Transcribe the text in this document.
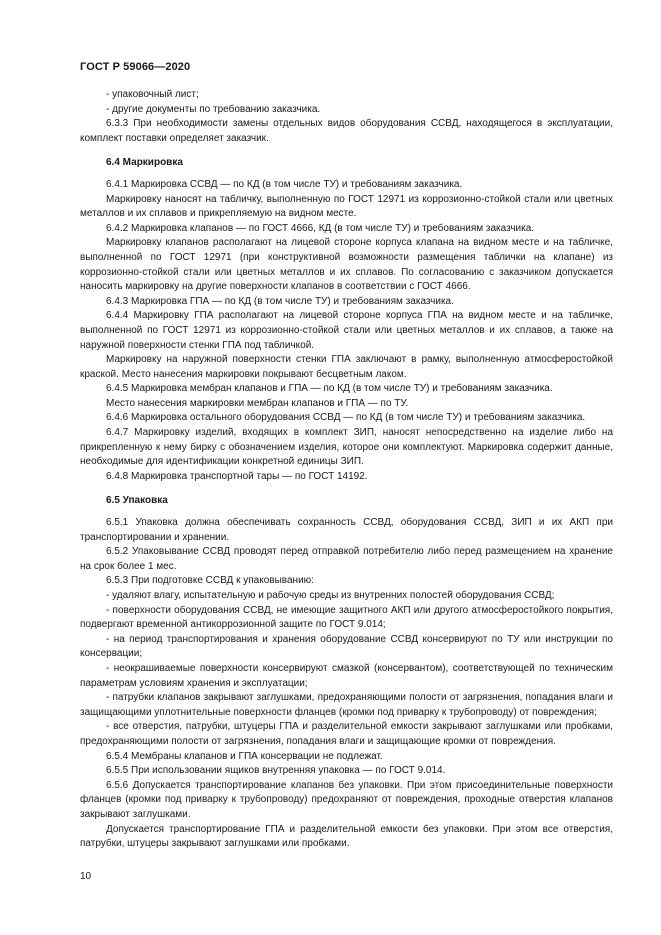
ГОСТ Р 59066—2020

- упаковочный лист;

- другие документы по требованию заказчика.

6.3.3 При необходимости замены отдельных видов оборудования ССВД, находящегося в эксплуатации, комплект поставки определяет заказчик.

6.4 Маркировка

6.4.1 Маркировка ССВД — по КД (в том числе ТУ) и требованиям заказчика.

Маркировку наносят на табличку, выполненную по ГОСТ 12971 из коррозионно-стойкой стали или цветных металлов и их сплавов и прикрепляемую на видном месте.

6.4.2 Маркировка клапанов — по ГОСТ 4666, КД (в том числе ТУ) и требованиям заказчика.

Маркировку клапанов располагают на лицевой стороне корпуса клапана на видном месте и на табличке, выполненной по ГОСТ 12971 (при конструктивной возможности размещения таблички на клапане) из коррозионно-стойкой стали или цветных металлов и их сплавов. По согласованию с заказчиком допускается наносить маркировку на другие поверхности клапанов в соответствии с ГОСТ 4666.

6.4.3 Маркировка ГПА — по КД (в том числе ТУ) и требованиям заказчика.

6.4.4 Маркировку ГПА располагают на лицевой стороне корпуса ГПА на видном месте и на табличке, выполненной по ГОСТ 12971 из коррозионно-стойкой стали или цветных металлов и их сплавов, а также на наружной поверхности стенки ГПА под табличкой.

Маркировку на наружной поверхности стенки ГПА заключают в рамку, выполненную атмосферостойкой краской. Место нанесения маркировки покрывают бесцветным лаком.

6.4.5 Маркировка мембран клапанов и ГПА — по КД (в том числе ТУ) и требованиям заказчика.

Место нанесения маркировки мембран клапанов и ГПА — по ТУ.

6.4.6 Маркировка остального оборудования ССВД — по КД (в том числе ТУ) и требованиям заказчика.

6.4.7 Маркировку изделий, входящих в комплект ЗИП, наносят непосредственно на изделие либо на прикрепленную к нему бирку с обозначением изделия, которое они комплектуют. Маркировка содержит данные, необходимые для идентификации конкретной единицы ЗИП.

6.4.8 Маркировка транспортной тары — по ГОСТ 14192.

6.5 Упаковка

6.5.1 Упаковка должна обеспечивать сохранность ССВД, оборудования ССВД, ЗИП и их АКП при транспортировании и хранении.

6.5.2 Упаковывание ССВД проводят перед отправкой потребителю либо перед размещением на хранение на срок более 1 мес.

6.5.3 При подготовке ССВД к упаковыванию:

- удаляют влагу, испытательную и рабочую среды из внутренних полостей оборудования ССВД;

- поверхности оборудования ССВД, не имеющие защитного АКП или другого атмосферостойкого покрытия, подвергают временной антикоррозионной защите по ГОСТ 9.014;

- на период транспортирования и хранения оборудование ССВД консервируют по ТУ или инструкции по консервации;

- неокрашиваемые поверхности консервируют смазкой (консервантом), соответствующей по техническим параметрам условиям хранения и эксплуатации;

- патрубки клапанов закрывают заглушками, предохраняющими полости от загрязнения, попадания влаги и защищающими уплотнительные поверхности фланцев (кромки под приварку к трубопроводу) от повреждения;

- все отверстия, патрубки, штуцеры ГПА и разделительной емкости закрывают заглушками или пробками, предохраняющими полости от загрязнения, попадания влаги и защищающие кромки от повреждения.

6.5.4 Мембраны клапанов и ГПА консервации не подлежат.

6.5.5 При использовании ящиков внутренняя упаковка — по ГОСТ 9.014.

6.5.6 Допускается транспортирование клапанов без упаковки. При этом присоединительные поверхности фланцев (кромки под приварку к трубопроводу) предохраняют от повреждения, проходные отверстия клапанов закрывают заглушками.

Допускается транспортирование ГПА и разделительной емкости без упаковки. При этом все отверстия, патрубки, штуцеры закрывают заглушками или пробками.

10
